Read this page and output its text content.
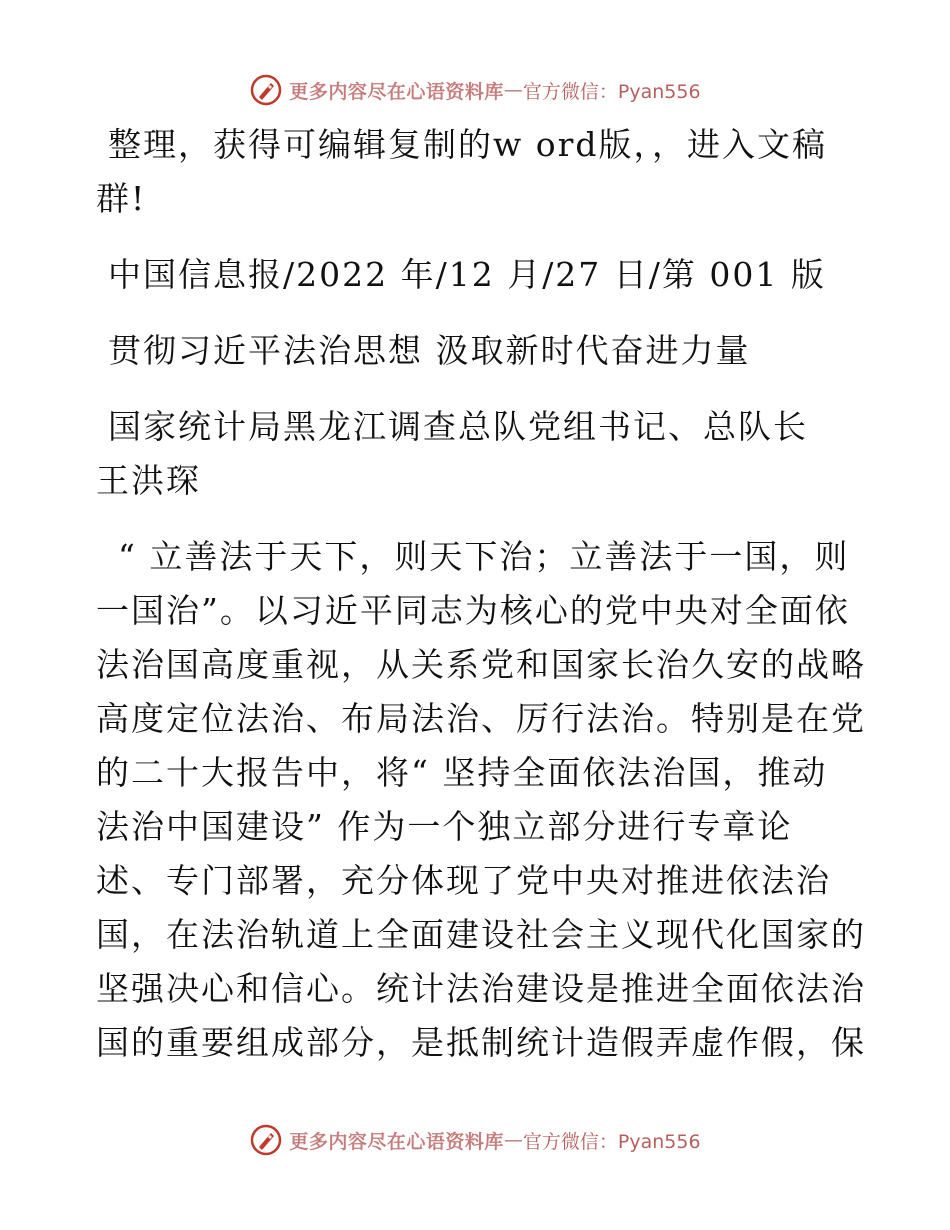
更多内容尽在心语资料库 — 官方微信：Pyan556
整理，获得可编辑复制的w ord版，，进入文稿
群!
中国信息报/2022 年/12 月/27 日/第 001 版
贯彻习近平法治思想 汲取新时代奋进力量
国家统计局黑龙江调查总队党组书记、总队长
王洪琛
“ 立善法于天下，则天下治；立善法于一国，则
一国治”。以习近平同志为核心的党中央对全面依
法治国高度重视，从关系党和国家长治久安的战略
高度定位法治、布局法治、厉行法治。特别是在党
的二十大报告中，将“ 坚持全面依法治国，推动
法治中国建设” 作为一个独立部分进行专章论
述、专门部署，充分体现了党中央对推进依法治
国，在法治轨道上全面建设社会主义现代化国家的
坚强决心和信心。统计法治建设是推进全面依法治
国的重要组成部分，是抵制统计造假弄虚作假，保
更多内容尽在心语资料库 — 官方微信：Pyan556
